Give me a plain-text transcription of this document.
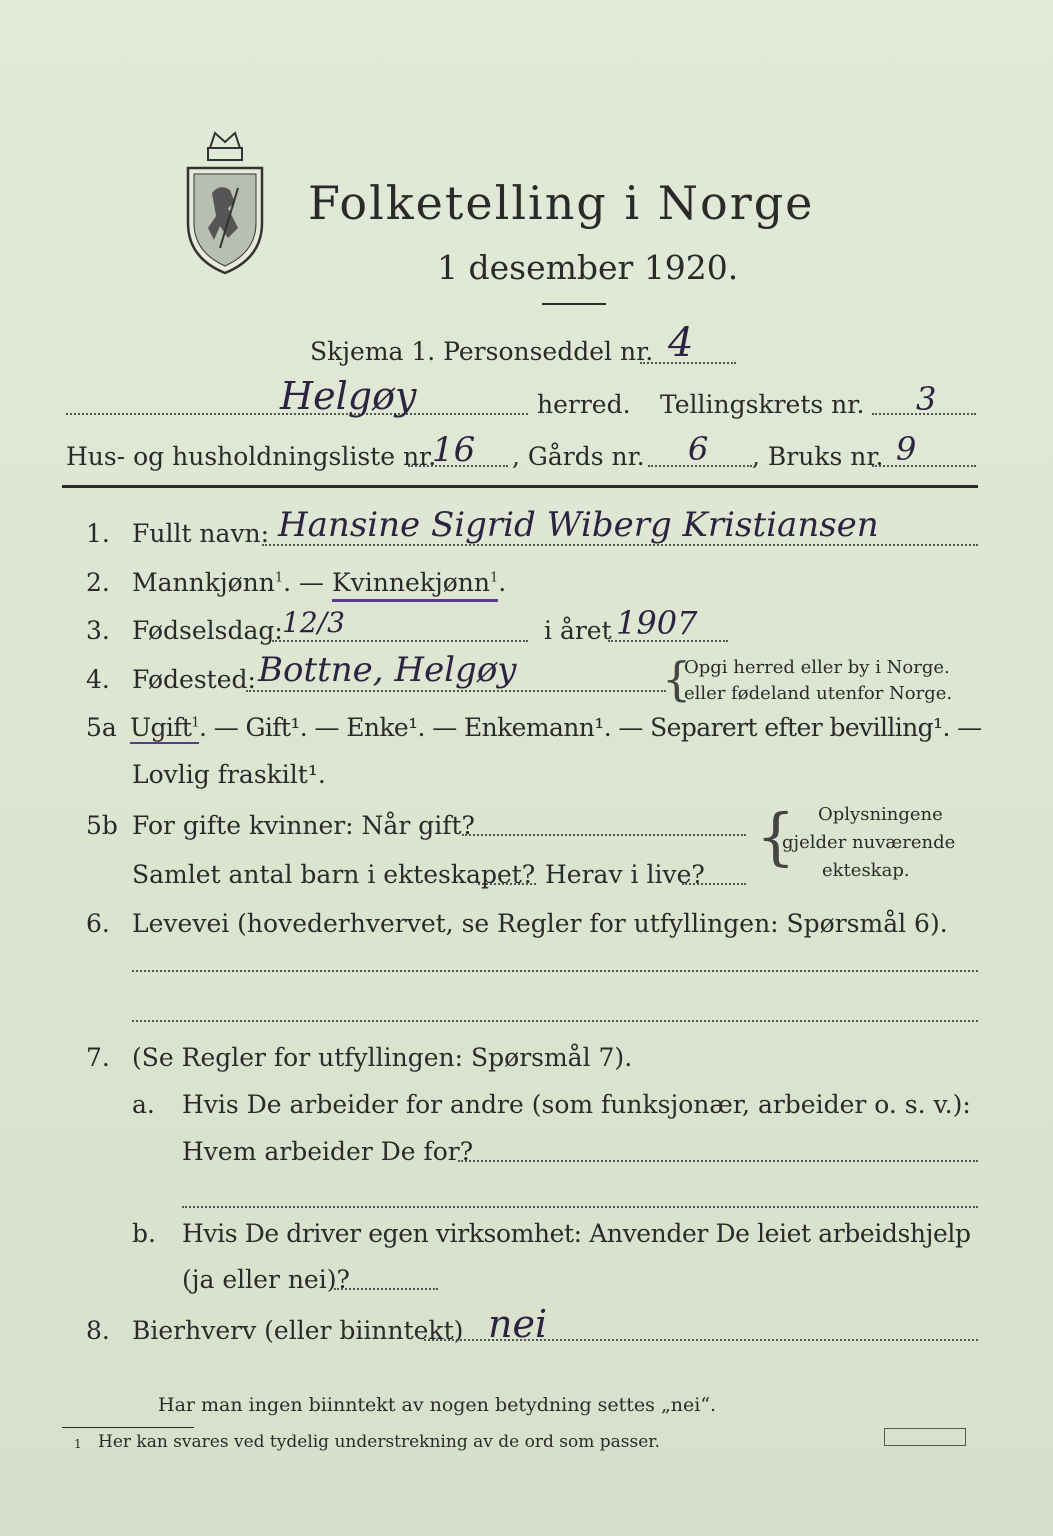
Folketelling i Norge
1 desember 1920.
Skjema 1. Personseddel nr. 4
Helgøy	herred. Tellingskrets nr. 3
Hus- og husholdningsliste nr.
16 , Gårds nr. 6 , Bruks nr. 9
1. Fullt navn: Hansine Sigrid Wiberg Kristiansen
2. Mannkjønn$^1$. — Kvinnekjønn$^1$.
3. Fødselsdag: 12/3	i året 1907
4. Fødested: Bottne, Helgøy	{
Opgi herred eller by i Norge.
eller fødeland utenfor Norge.
5a Ugift$^1$. — Gift¹. — Enke¹. — Enkemann¹. — Separert efter bevilling¹. —
Lovlig fraskilt¹.
5b For gifte kvinner: Når gift?
Samlet antal barn i ekteskapet? Herav i live?
{ Oplysningene
gjelder nuværende
ekteskap.
6. Levevei (hovederhvervet, se Regler for utfyllingen: Spørsmål 6).
7. (Se Regler for utfyllingen: Spørsmål 7).
a. Hvis De arbeider for andre (som funksjonær, arbeider o. s. v.):
Hvem arbeider De for?
b. Hvis De driver egen virksomhet: Anvender De leiet arbeidshjelp
(ja eller nei)?
8. Bierhverv (eller biinntekt) nei
Har man ingen biinntekt av nogen betydning settes „nei“.
1 Her kan svares ved tydelig understrekning av de ord som passer.
